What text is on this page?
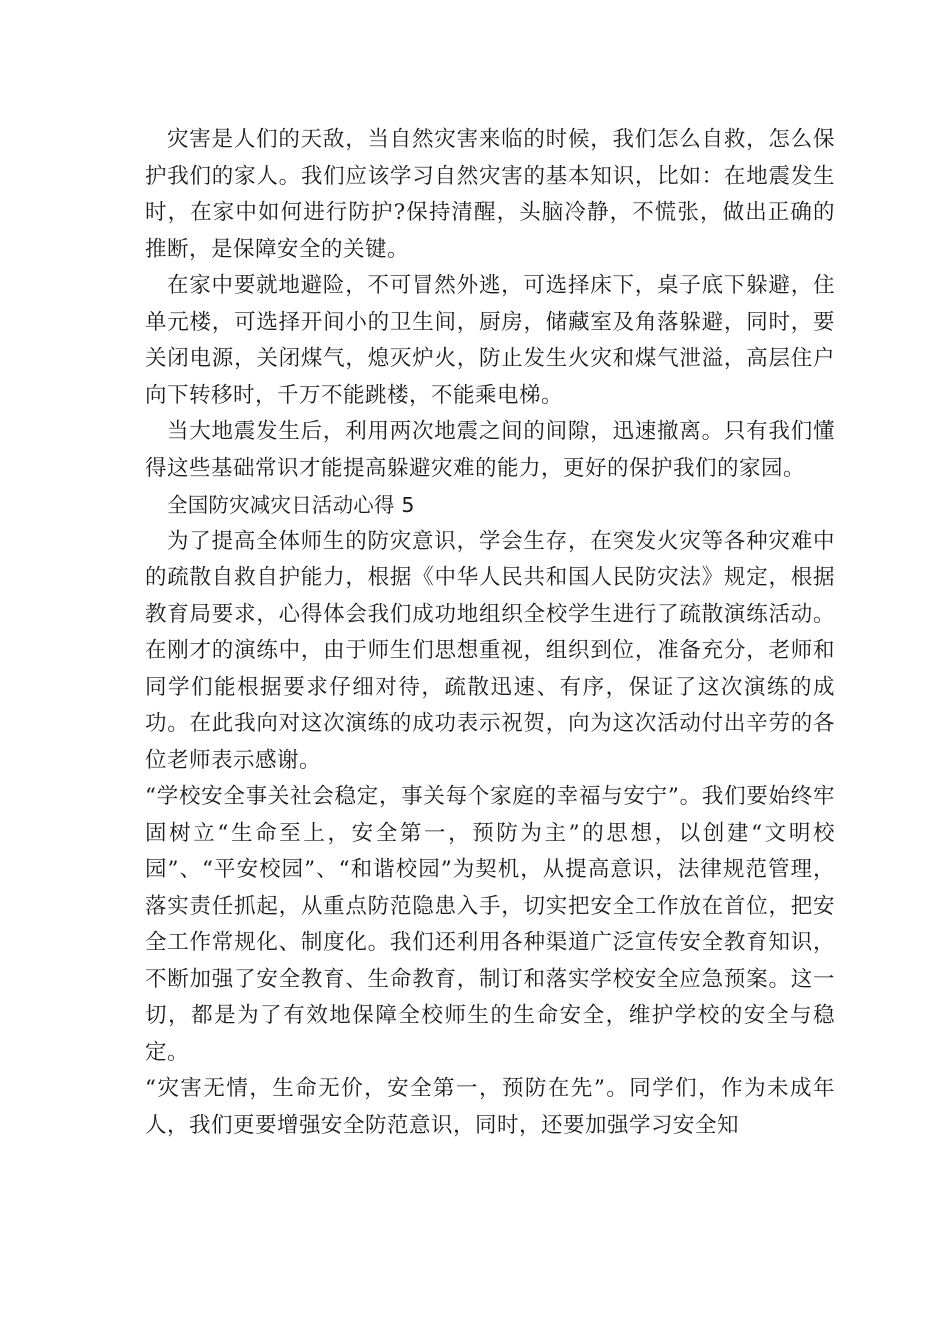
灾害是人们的天敌，当自然灾害来临的时候，我们怎么自救，怎么保护我们的家人。我们应该学习自然灾害的基本知识，比如：在地震发生时，在家中如何进行防护?保持清醒，头脑冷静，不慌张，做出正确的推断，是保障安全的关键。

在家中要就地避险，不可冒然外逃，可选择床下，桌子底下躲避，住单元楼，可选择开间小的卫生间，厨房，储藏室及角落躲避，同时，要关闭电源，关闭煤气，熄灭炉火，防止发生火灾和煤气泄溢，高层住户向下转移时，千万不能跳楼，不能乘电梯。

当大地震发生后，利用两次地震之间的间隙，迅速撤离。只有我们懂得这些基础常识才能提高躲避灾难的能力，更好的保护我们的家园。

全国防灾减灾日活动心得 5

为了提高全体师生的防灾意识，学会生存，在突发火灾等各种灾难中的疏散自救自护能力，根据《中华人民共和国人民防灾法》规定，根据教育局要求，心得体会我们成功地组织全校学生进行了疏散演练活动。在刚才的演练中，由于师生们思想重视，组织到位，准备充分，老师和同学们能根据要求仔细对待，疏散迅速、有序，保证了这次演练的成功。在此我向对这次演练的成功表示祝贺，向为这次活动付出辛劳的各位老师表示感谢。

“学校安全事关社会稳定，事关每个家庭的幸福与安宁”。我们要始终牢固树立“生命至上，安全第一，预防为主”的思想，以创建“文明校园”、“平安校园”、“和谐校园”为契机，从提高意识，法律规范管理，落实责任抓起，从重点防范隐患入手，切实把安全工作放在首位，把安全工作常规化、制度化。我们还利用各种渠道广泛宣传安全教育知识，不断加强了安全教育、生命教育，制订和落实学校安全应急预案。这一切，都是为了有效地保障全校师生的生命安全，维护学校的安全与稳定。

“灾害无情，生命无价，安全第一，预防在先”。同学们，作为未成年人，我们更要增强安全防范意识，同时，还要加强学习安全知
